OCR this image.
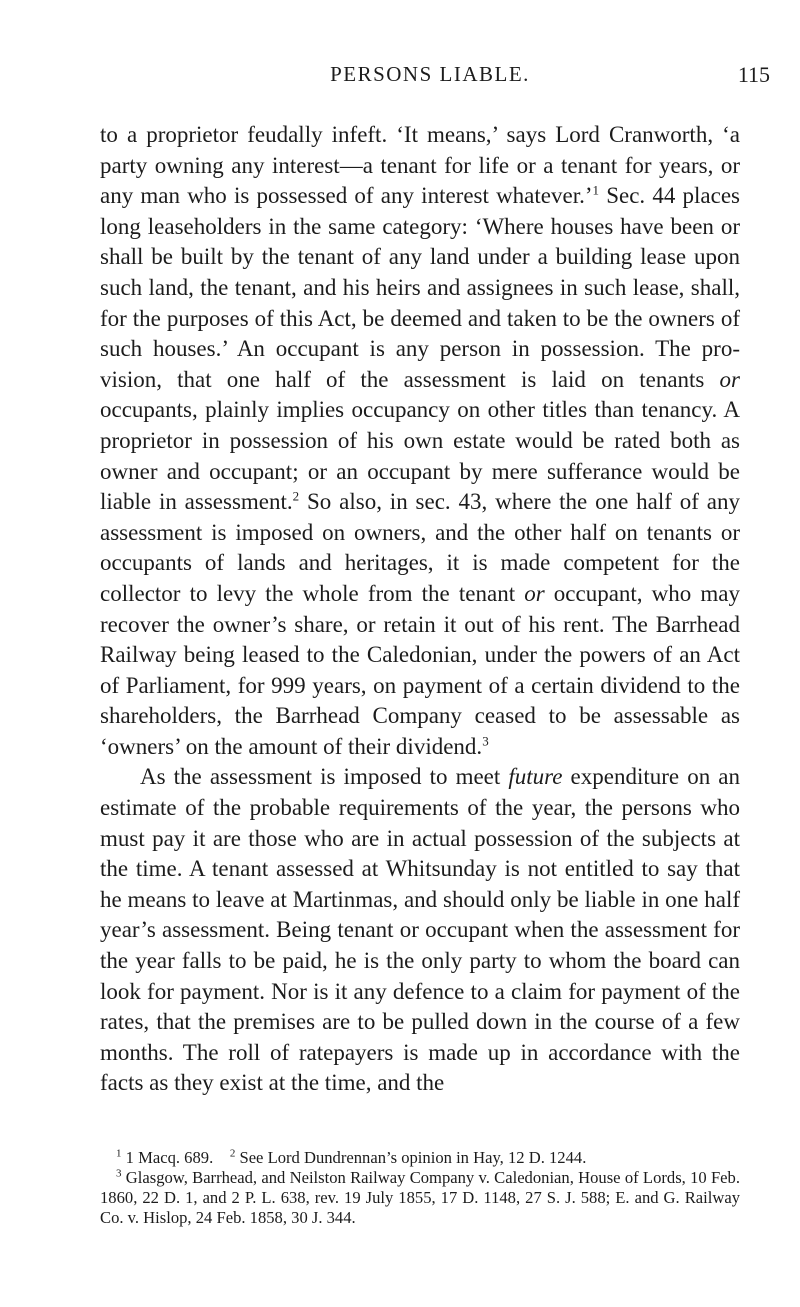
PERSONS LIABLE.	115

to a proprietor feudally infeft. ‘It means,’ says Lord Cranworth, ‘a party owning any interest—a tenant for life or a tenant for years, or any man who is possessed of any interest whatever.’$^1$ Sec. 44 places long leaseholders in the same category: ‘Where houses have been or shall be built by the tenant of any land under a building lease upon such land, the tenant, and his heirs and assignees in such lease, shall, for the purposes of this Act, be deemed and taken to be the owners of such houses.’ An occupant is any person in possession. The provision, that one half of the assessment is laid on tenants or occupants, plainly implies occupancy on other titles than tenancy. A proprietor in possession of his own estate would be rated both as owner and occupant; or an occupant by mere sufferance would be liable in assessment.$^2$ So also, in sec. 43, where the one half of any assessment is imposed on owners, and the other half on tenants or occupants of lands and heritages, it is made competent for the collector to levy the whole from the tenant or occupant, who may recover the owner’s share, or retain it out of his rent. The Barrhead Railway being leased to the Caledonian, under the powers of an Act of Parliament, for 999 years, on payment of a certain dividend to the shareholders, the Barrhead Company ceased to be assessable as ‘owners’ on the amount of their dividend.$^3$

As the assessment is imposed to meet future expenditure on an estimate of the probable requirements of the year, the persons who must pay it are those who are in actual possession of the subjects at the time. A tenant assessed at Whitsunday is not entitled to say that he means to leave at Martinmas, and should only be liable in one half year’s assessment. Being tenant or occupant when the assessment for the year falls to be paid, he is the only party to whom the board can look for payment. Nor is it any defence to a claim for payment of the rates, that the premises are to be pulled down in the course of a few months. The roll of ratepayers is made up in accordance with the facts as they exist at the time, and the

$^1$ 1 Macq. 689. $^2$ See Lord Dundrennan’s opinion in Hay, 12 D. 1244.

$^3$ Glasgow, Barrhead, and Neilston Railway Company v. Caledonian, House of Lords, 10 Feb. 1860, 22 D. 1, and 2 P. L. 638, rev. 19 July 1855, 17 D. 1148, 27 S. J. 588; E. and G. Railway Co. v. Hislop, 24 Feb. 1858, 30 J. 344.
